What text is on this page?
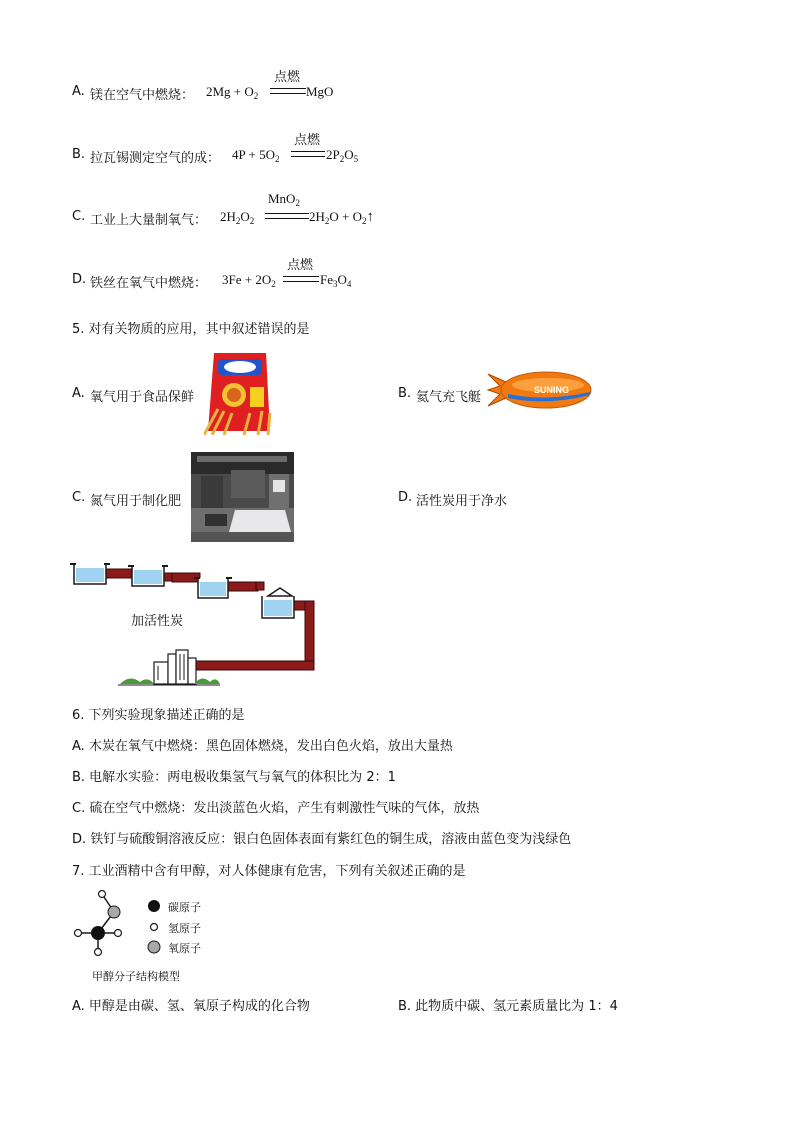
A. 镁在空气中燃烧： $2Mg + O_2$
点燃
MgO
B. 拉瓦锡测定空气的成： $4P + 5O_2$
点燃
$2P_2O_5$
C. 工业上大量制氧气： $2H_2O_2$
MnO$_2$
$2H_2O$ + $O_2↑$
D. 铁丝在氧气中燃烧： $3Fe + 2O_2$
点燃
$Fe_3O_4$
5. 对有关物质的应用，其中叙述错误的是
A. 氧气用于食品保鲜	B. 氦气充飞艇	SUNING
C. 氮气用于制化肥	D. 活性炭用于净水
加活性炭
6. 下列实验现象描述正确的是
A. 木炭在氧气中燃烧：黑色固体燃烧，发出白色火焰，放出大量热
B. 电解水实验：两电极收集氢气与氧气的体积比为 2：1
C. 硫在空气中燃烧：发出淡蓝色火焰，产生有刺激性气味的气体，放热
D. 铁钉与硫酸铜溶液反应：银白色固体表面有紫红色的铜生成，溶液由蓝色变为浅绿色
7. 工业酒精中含有甲醇，对人体健康有危害，下列有关叙述正确的是
碳原子
氢原子
氧原子
甲醇分子结构模型
A. 甲醇是由碳、氢、氧原子构成的化合物	B. 此物质中碳、氢元素质量比为 1：4
